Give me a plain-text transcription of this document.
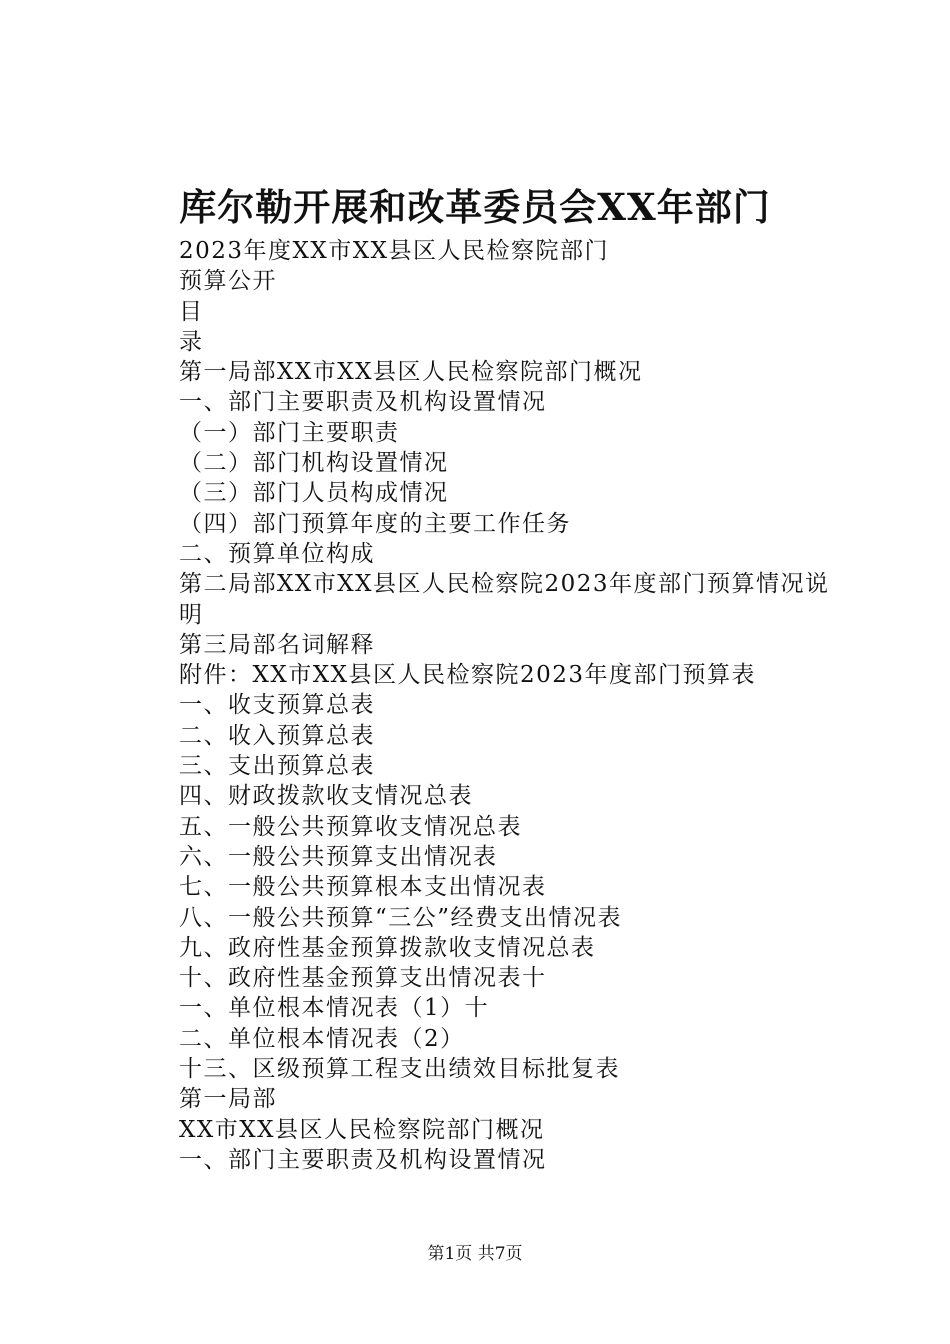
库尔勒开展和改革委员会XX年部门
2023年度XX市XX县区人民检察院部门
预算公开
目
录
第一局部XX市XX县区人民检察院部门概况
一、部门主要职责及机构设置情况
（一）部门主要职责
（二）部门机构设置情况
（三）部门人员构成情况
（四）部门预算年度的主要工作任务
二、预算单位构成
第二局部XX市XX县区人民检察院2023年度部门预算情况说明
第三局部名词解释
附件：XX市XX县区人民检察院2023年度部门预算表
一、收支预算总表
二、收入预算总表
三、支出预算总表
四、财政拨款收支情况总表
五、一般公共预算收支情况总表
六、一般公共预算支出情况表
七、一般公共预算根本支出情况表
八、一般公共预算“三公”经费支出情况表
九、政府性基金预算拨款收支情况总表
十、政府性基金预算支出情况表十
一、单位根本情况表（1）十
二、单位根本情况表（2）
十三、区级预算工程支出绩效目标批复表
第一局部
XX市XX县区人民检察院部门概况
一、部门主要职责及机构设置情况
第1页 共7页
